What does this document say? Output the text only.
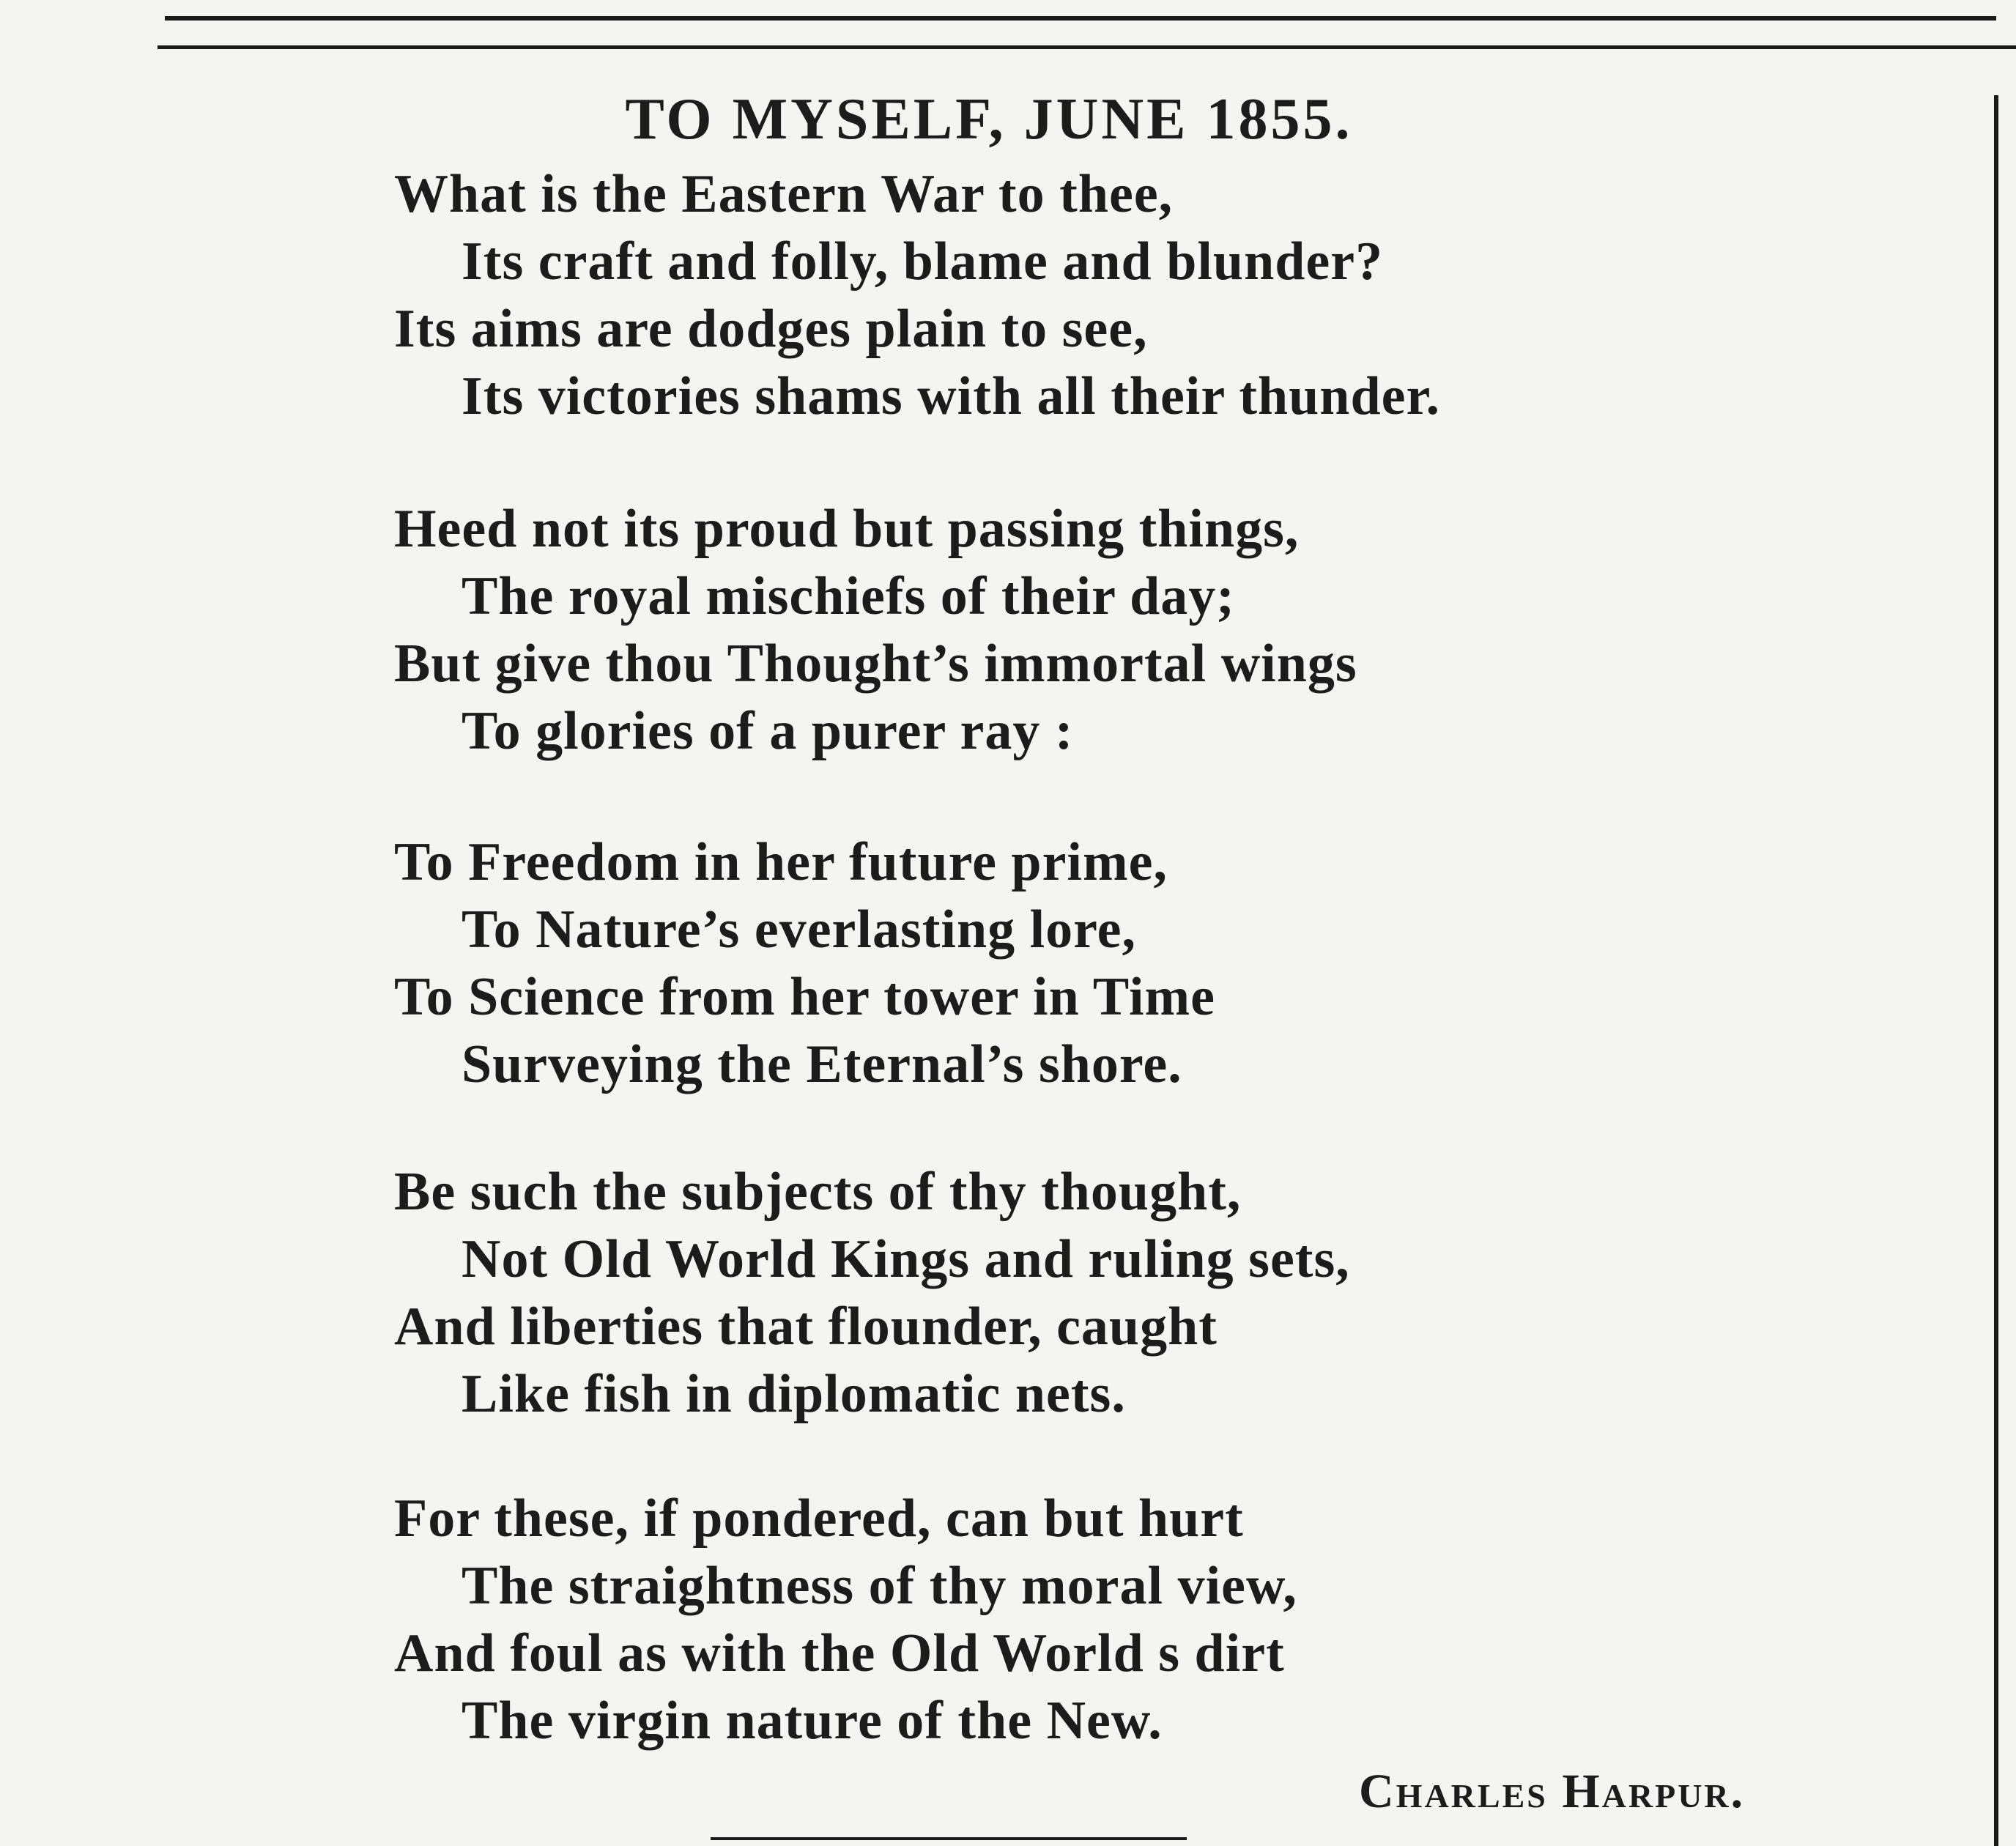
TO MYSELF, JUNE 1855.

What is the Eastern War to thee,

Its craft and folly, blame and blunder?

Its aims are dodges plain to see,

Its victories shams with all their thunder.

Heed not its proud but passing things,

The royal mischiefs of their day;

But give thou Thought’s immortal wings

To glories of a purer ray :

To Freedom in her future prime,

To Nature’s everlasting lore,

To Science from her tower in Time

Surveying the Eternal’s shore.

Be such the subjects of thy thought,

Not Old World Kings and ruling sets,

And liberties that flounder, caught

Like fish in diplomatic nets.

For these, if pondered, can but hurt

The straightness of thy moral view,

And foul as with the Old World s dirt

The virgin nature of the New.

Charles Harpur.
